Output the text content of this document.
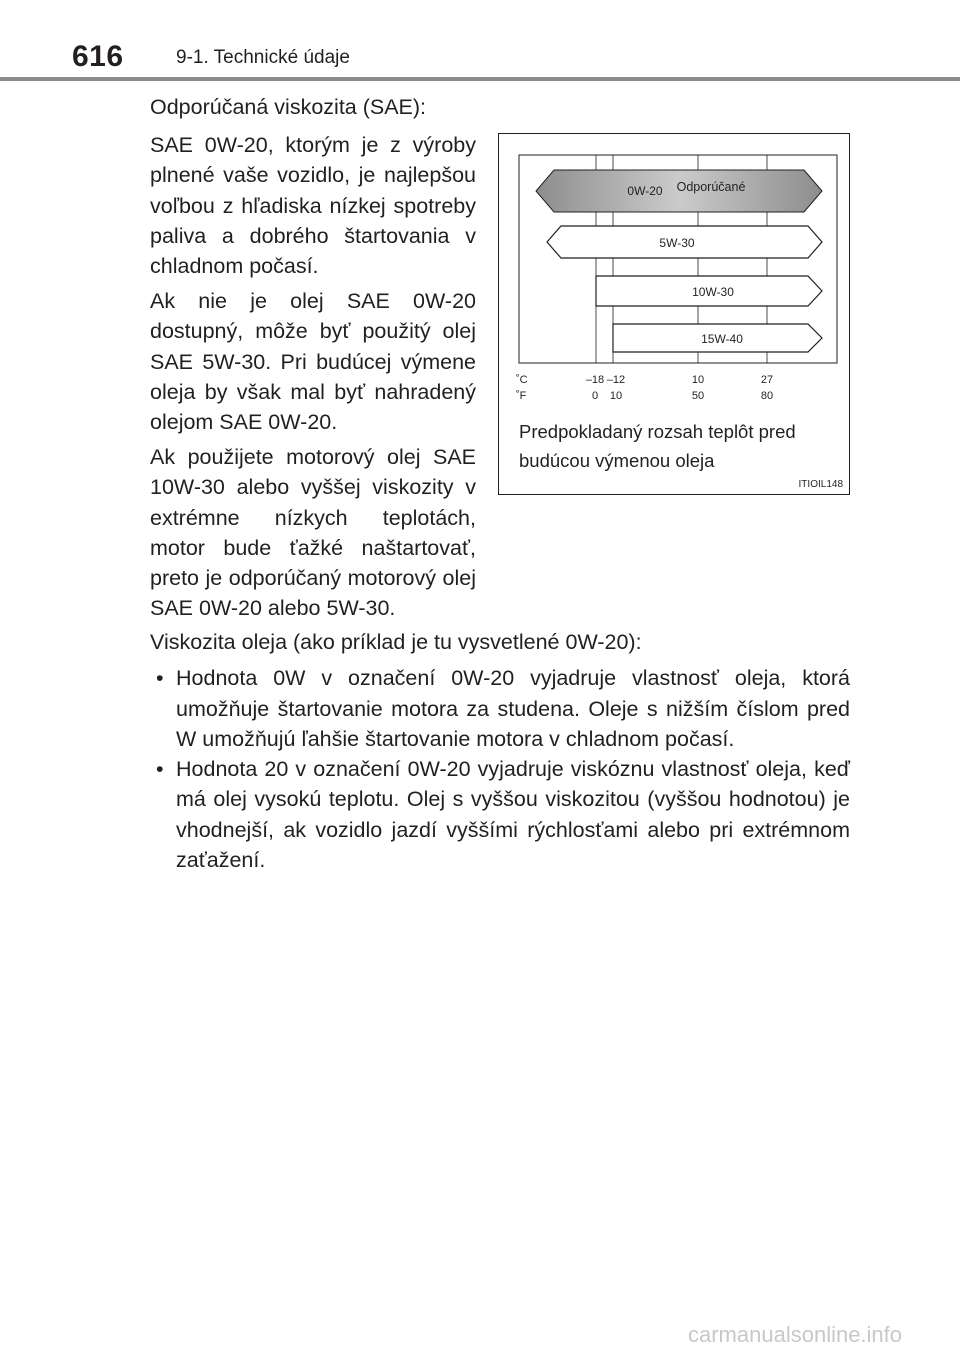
616	9-1. Technické údaje

Odporúčaná viskozita (SAE):

SAE 0W-20, ktorým je z výroby plnené vaše vozidlo, je najlepšou voľbou z hľadiska nízkej spotreby paliva a dobrého štartovania v chladnom počasí.

Ak nie je olej SAE 0W-20 dostupný, môže byť použitý olej SAE 5W-30. Pri budúcej výmene oleja by však mal byť nahradený olejom SAE 0W-20.

Ak použijete motorový olej SAE 10W-30 alebo vyššej viskozity v extrémne nízkych teplotách, motor bude ťažké naštartovať, preto je odporúčaný motorový olej SAE 0W-20 alebo 5W-30.

0W-20 Odporúčané
5W-30
10W-30
15W-40
˚C
˚F
–18 –12	10	27
0 10	50	80
Predpokladaný rozsah teplôt pred budúcou výmenou oleja
ITIOIL148
Viskozita oleja (ako príklad je tu vysvetlené 0W-20):
• Hodnota 0W v označení 0W-20 vyjadruje vlastnosť oleja, ktorá umožňuje štartovanie motora za studena. Oleje s nižším číslom pred W umožňujú ľahšie štartovanie motora v chladnom počasí.
• Hodnota 20 v označení 0W-20 vyjadruje viskóznu vlastnosť oleja, keď má olej vysokú teplotu. Olej s vyššou viskozitou (vyššou hodnotou) je vhodnejší, ak vozidlo jazdí vyššími rýchlosťami alebo pri extrémnom zaťažení.
carmanualsonline.info
